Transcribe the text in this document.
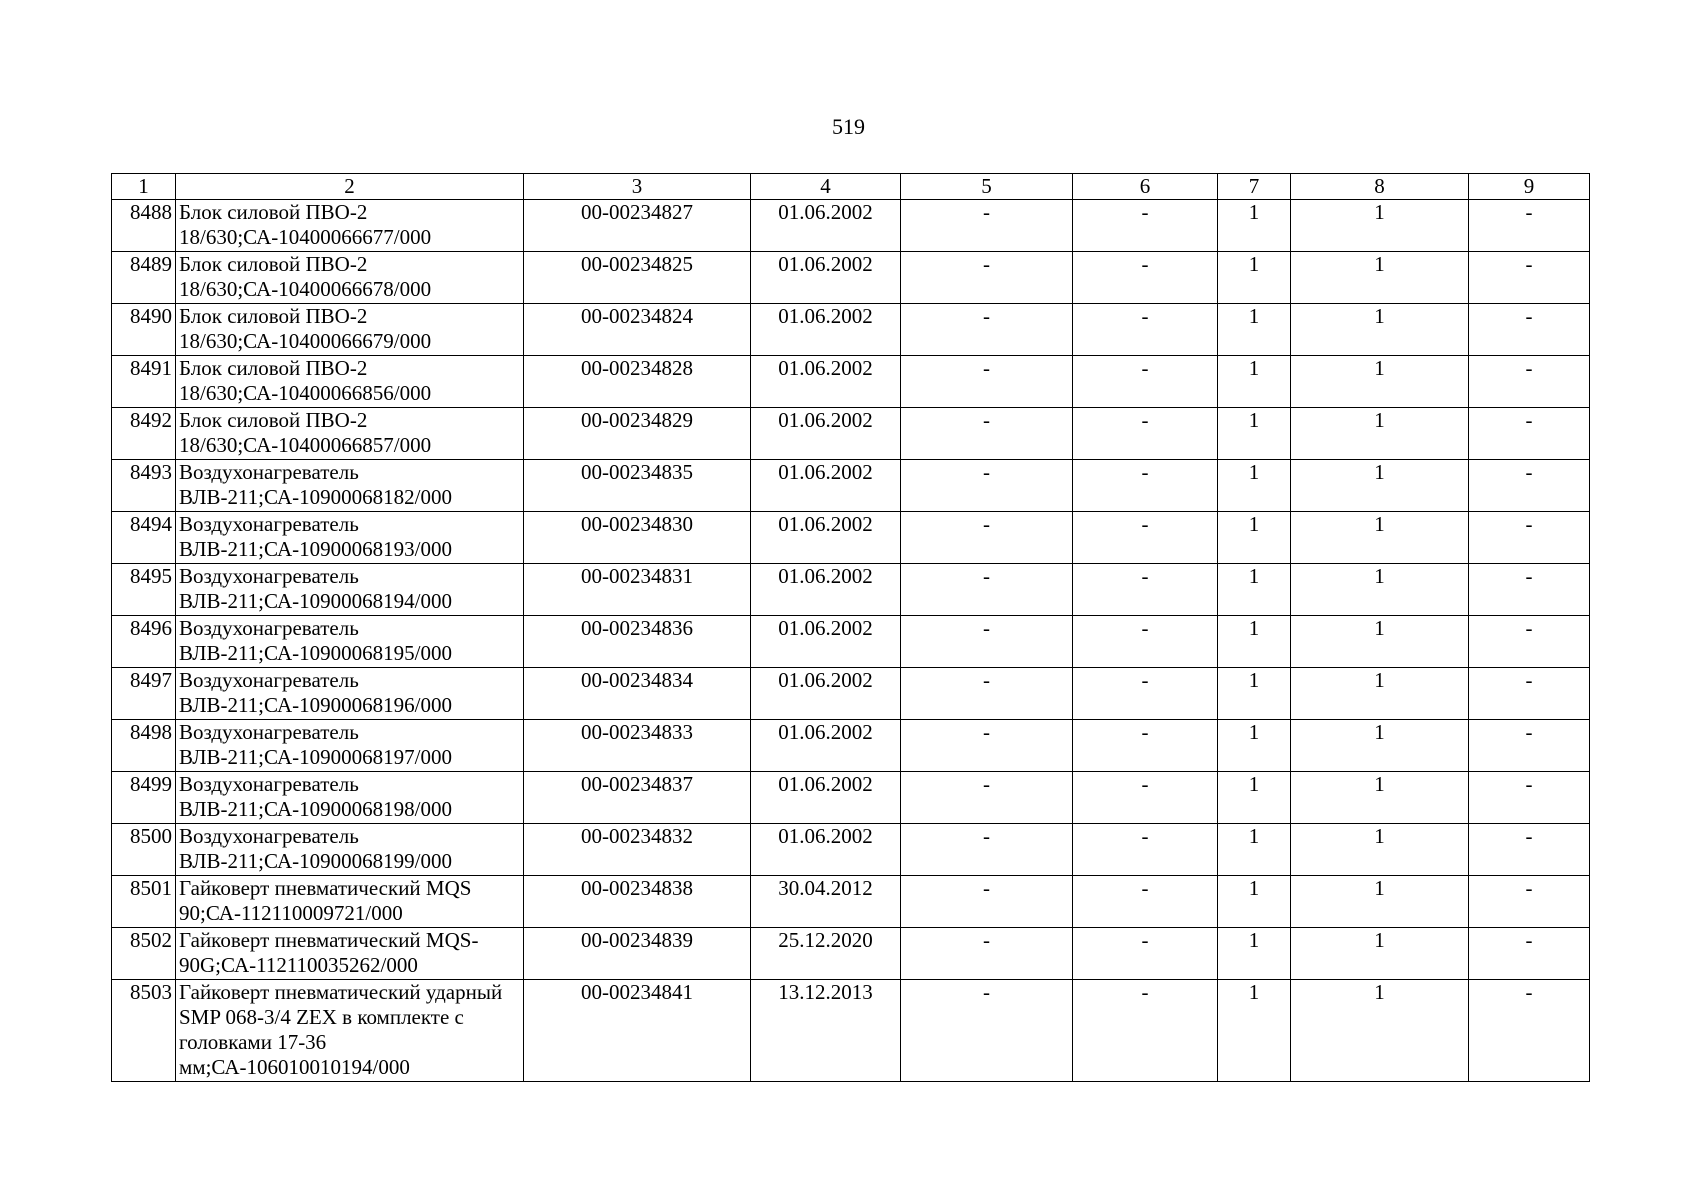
519
1	2	3	4	5	6	7	8	9
8488	Блок силовой ПВО-2 18/630;СА-10400066677/000	00-00234827	01.06.2002	-	-	1	1	-
8489	Блок силовой ПВО-2 18/630;СА-10400066678/000	00-00234825	01.06.2002	-	-	1	1	-
8490	Блок силовой ПВО-2 18/630;СА-10400066679/000	00-00234824	01.06.2002	-	-	1	1	-
8491	Блок силовой ПВО-2 18/630;СА-10400066856/000	00-00234828	01.06.2002	-	-	1	1	-
8492	Блок силовой ПВО-2 18/630;СА-10400066857/000	00-00234829	01.06.2002	-	-	1	1	-
8493	Воздухонагреватель ВЛВ-211;СА-10900068182/000	00-00234835	01.06.2002	-	-	1	1	-
8494	Воздухонагреватель ВЛВ-211;СА-10900068193/000	00-00234830	01.06.2002	-	-	1	1	-
8495	Воздухонагреватель ВЛВ-211;СА-10900068194/000	00-00234831	01.06.2002	-	-	1	1	-
8496	Воздухонагреватель ВЛВ-211;СА-10900068195/000	00-00234836	01.06.2002	-	-	1	1	-
8497	Воздухонагреватель ВЛВ-211;СА-10900068196/000	00-00234834	01.06.2002	-	-	1	1	-
8498	Воздухонагреватель ВЛВ-211;СА-10900068197/000	00-00234833	01.06.2002	-	-	1	1	-
8499	Воздухонагреватель ВЛВ-211;СА-10900068198/000	00-00234837	01.06.2002	-	-	1	1	-
8500	Воздухонагреватель ВЛВ-211;СА-10900068199/000	00-00234832	01.06.2002	-	-	1	1	-
8501	Гайковерт пневматический MQS 90;СА-112110009721/000	00-00234838	30.04.2012	-	-	1	1	-
8502	Гайковерт пневматический MQS-90G;СА-112110035262/000	00-00234839	25.12.2020	-	-	1	1	-
8503	Гайковерт пневматический ударный SMP 068-3/4 ZEX в комплекте с головками 17-36 мм;СА-106010010194/000	00-00234841	13.12.2013	-	-	1	1	-
